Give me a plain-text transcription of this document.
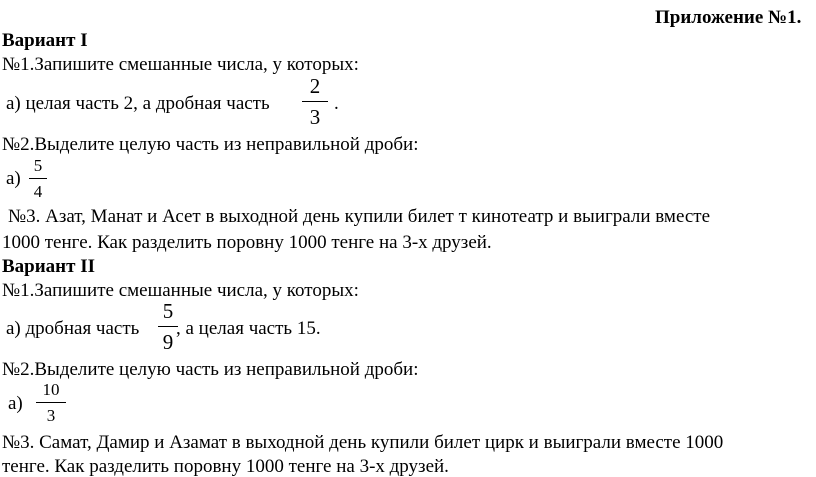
Приложение №1.
Вариант I
№1.Запишите смешанные числа, у которых:
а) целая часть 2, а дробная часть
2
3
.
№2.Выделите целую часть из неправильной дроби:
а)
5
4
№3. Азат, Манат и Асет в выходной день купили билет т кинотеатр и выиграли вместе
1000 тенге. Как разделить поровну 1000 тенге на 3-х друзей.
Вариант II
№1.Запишите смешанные числа, у которых:
а) дробная часть
5
9
, а целая часть 15.
№2.Выделите целую часть из неправильной дроби:
а)
10
3
№3. Самат, Дамир и Азамат в выходной день купили билет цирк и выиграли вместе 1000
тенге. Как разделить поровну 1000 тенге на 3-х друзей.
